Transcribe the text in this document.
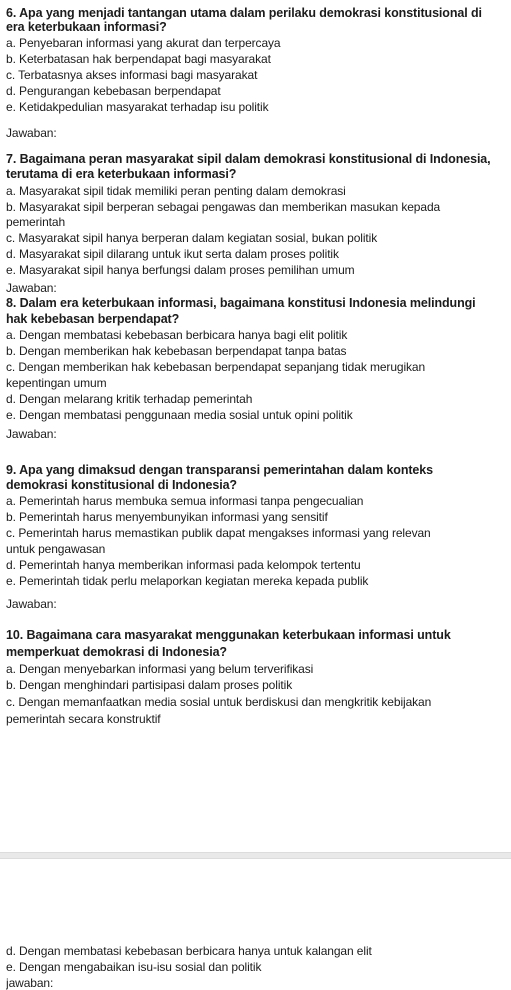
6. Apa yang menjadi tantangan utama dalam perilaku demokrasi konstitusional di
era keterbukaan informasi?
a. Penyebaran informasi yang akurat dan terpercaya
b. Keterbatasan hak berpendapat bagi masyarakat
c. Terbatasnya akses informasi bagi masyarakat
d. Pengurangan kebebasan berpendapat
e. Ketidakpedulian masyarakat terhadap isu politik
Jawaban:
7. Bagaimana peran masyarakat sipil dalam demokrasi konstitusional di Indonesia,
terutama di era keterbukaan informasi?
a. Masyarakat sipil tidak memiliki peran penting dalam demokrasi
b. Masyarakat sipil berperan sebagai pengawas dan memberikan masukan kepada
pemerintah
c. Masyarakat sipil hanya berperan dalam kegiatan sosial, bukan politik
d. Masyarakat sipil dilarang untuk ikut serta dalam proses politik
e. Masyarakat sipil hanya berfungsi dalam proses pemilihan umum
Jawaban:
8. Dalam era keterbukaan informasi, bagaimana konstitusi Indonesia melindungi
hak kebebasan berpendapat?
a. Dengan membatasi kebebasan berbicara hanya bagi elit politik
b. Dengan memberikan hak kebebasan berpendapat tanpa batas
c. Dengan memberikan hak kebebasan berpendapat sepanjang tidak merugikan
kepentingan umum
d. Dengan melarang kritik terhadap pemerintah
e. Dengan membatasi penggunaan media sosial untuk opini politik
Jawaban:
9. Apa yang dimaksud dengan transparansi pemerintahan dalam konteks
demokrasi konstitusional di Indonesia?
a. Pemerintah harus membuka semua informasi tanpa pengecualian
b. Pemerintah harus menyembunyikan informasi yang sensitif
c. Pemerintah harus memastikan publik dapat mengakses informasi yang relevan
untuk pengawasan
d. Pemerintah hanya memberikan informasi pada kelompok tertentu
e. Pemerintah tidak perlu melaporkan kegiatan mereka kepada publik
Jawaban:
10. Bagaimana cara masyarakat menggunakan keterbukaan informasi untuk
memperkuat demokrasi di Indonesia?
a. Dengan menyebarkan informasi yang belum terverifikasi
b. Dengan menghindari partisipasi dalam proses politik
c. Dengan memanfaatkan media sosial untuk berdiskusi dan mengkritik kebijakan
pemerintah secara konstruktif
d. Dengan membatasi kebebasan berbicara hanya untuk kalangan elit
e. Dengan mengabaikan isu-isu sosial dan politik
jawaban:
